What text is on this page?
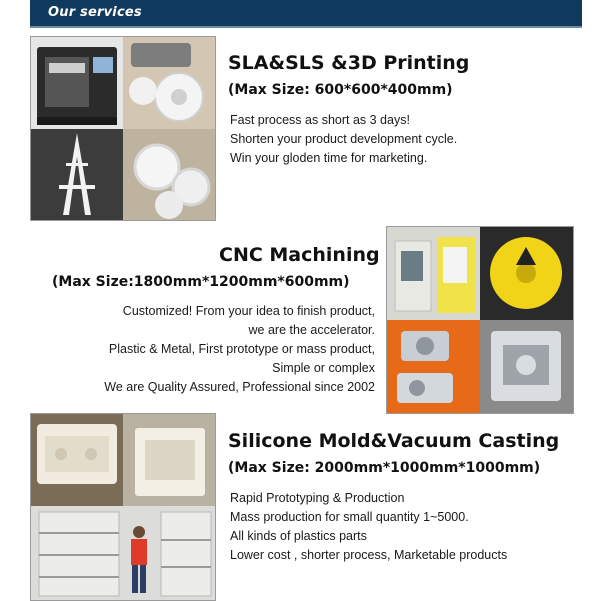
Our services
SLA&SLS &3D Printing
(Max Size: 600*600*400mm)
Fast process as short as 3 days!
Shorten your product development cycle.
Win your gloden time for marketing.
CNC Machining
(Max Size:1800mm*1200mm*600mm)
Customized! From your idea to finish product,
we are the accelerator.
Plastic & Metal, First prototype or mass product,
Simple or complex
We are Quality Assured, Professional since 2002
Silicone Mold&Vacuum Casting
(Max Size: 2000mm*1000mm*1000mm)
Rapid Prototyping & Production
Mass production for small quantity 1~5000.
All kinds of plastics parts
Lower cost , shorter process, Marketable products
